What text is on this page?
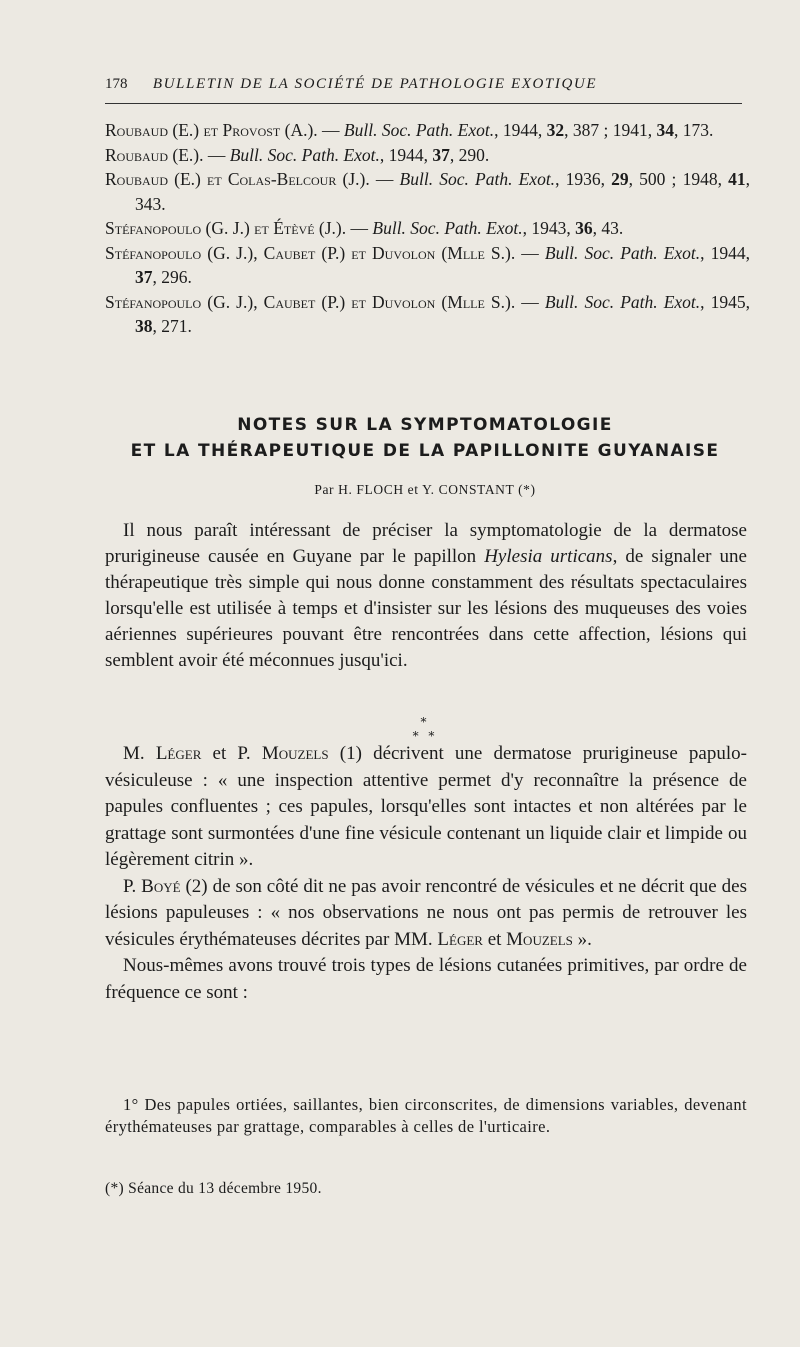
178 BULLETIN DE LA SOCIÉTÉ DE PATHOLOGIE EXOTIQUE

Roubaud (E.) et Provost (A.). — Bull. Soc. Path. Exot., 1944, 32, 387 ; 1941, 34, 173.

Roubaud (E.). — Bull. Soc. Path. Exot., 1944, 37, 290.

Roubaud (E.) et Colas-Belcour (J.). — Bull. Soc. Path. Exot., 1936, 29, 500 ; 1948, 41, 343.

Stéfanopoulo (G. J.) et Étèvé (J.). — Bull. Soc. Path. Exot., 1943, 36, 43.

Stéfanopoulo (G. J.), Caubet (P.) et Duvolon (Mlle S.). — Bull. Soc. Path. Exot., 1944, 37, 296.

Stéfanopoulo (G. J.), Caubet (P.) et Duvolon (Mlle S.). — Bull. Soc. Path. Exot., 1945, 38, 271.

NOTES SUR LA SYMPTOMATOLOGIE
ET LA THÉRAPEUTIQUE DE LA PAPILLONITE GUYANAISE
Par H. FLOCH et Y. CONSTANT (*)

Il nous paraît intéressant de préciser la symptomatologie de la dermatose prurigineuse causée en Guyane par le papillon Hylesia urticans, de signaler une thérapeutique très simple qui nous donne constamment des résultats spectaculaires lorsqu'elle est utilisée à temps et d'insister sur les lésions des muqueuses des voies aériennes supérieures pouvant être rencontrées dans cette affection, lésions qui semblent avoir été méconnues jusqu'ici.

*
* *

M. Léger et P. Mouzels (1) décrivent une dermatose prurigineuse papulo-vésiculeuse : « une inspection attentive permet d'y reconnaître la présence de papules confluentes ; ces papules, lorsqu'elles sont intactes et non altérées par le grattage sont surmontées d'une fine vésicule contenant un liquide clair et limpide ou légèrement citrin ».

P. Boyé (2) de son côté dit ne pas avoir rencontré de vésicules et ne décrit que des lésions papuleuses : « nos observations ne nous ont pas permis de retrouver les vésicules érythémateuses décrites par MM. Léger et Mouzels ».

Nous-mêmes avons trouvé trois types de lésions cutanées primitives, par ordre de fréquence ce sont :

1° Des papules ortiées, saillantes, bien circonscrites, de dimensions variables, devenant érythémateuses par grattage, comparables à celles de l'urticaire.

(*) Séance du 13 décembre 1950.
